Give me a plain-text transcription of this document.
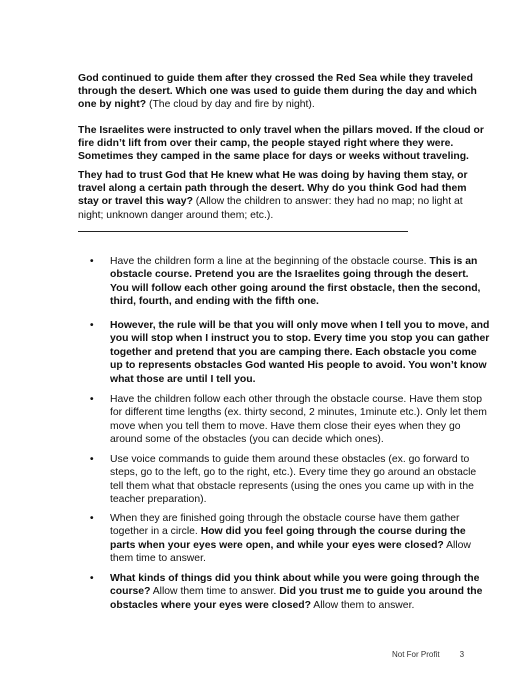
God continued to guide them after they crossed the Red Sea while they traveled through the desert. Which one was used to guide them during the day and which one by night? (The cloud by day and fire by night).

The Israelites were instructed to only travel when the pillars moved. If the cloud or fire didn’t lift from over their camp, the people stayed right where they were. Sometimes they camped in the same place for days or weeks without traveling.

They had to trust God that He knew what He was doing by having them stay, or travel along a certain path through the desert. Why do you think God had them stay or travel this way? (Allow the children to answer: they had no map; no light at night; unknown danger around them; etc.).

• Have the children form a line at the beginning of the obstacle course. This is an obstacle course. Pretend you are the Israelites going through the desert. You will follow each other going around the first obstacle, then the second, third, fourth, and ending with the fifth one.
• However, the rule will be that you will only move when I tell you to move, and you will stop when I instruct you to stop. Every time you stop you can gather together and pretend that you are camping there. Each obstacle you come up to represents obstacles God wanted His people to avoid. You won’t know what those are until I tell you.
• Have the children follow each other through the obstacle course. Have them stop for different time lengths (ex. thirty second, 2 minutes, 1minute etc.). Only let them move when you tell them to move. Have them close their eyes when they go around some of the obstacles (you can decide which ones).
• Use voice commands to guide them around these obstacles (ex. go forward to steps, go to the left, go to the right, etc.). Every time they go around an obstacle tell them what that obstacle represents (using the ones you came up with in the teacher preparation).
• When they are finished going through the obstacle course have them gather together in a circle. How did you feel going through the course during the parts when your eyes were open, and while your eyes were closed? Allow them time to answer.
• What kinds of things did you think about while you were going through the course? Allow them time to answer. Did you trust me to guide you around the obstacles where your eyes were closed? Allow them to answer.
Not For Profit	3
